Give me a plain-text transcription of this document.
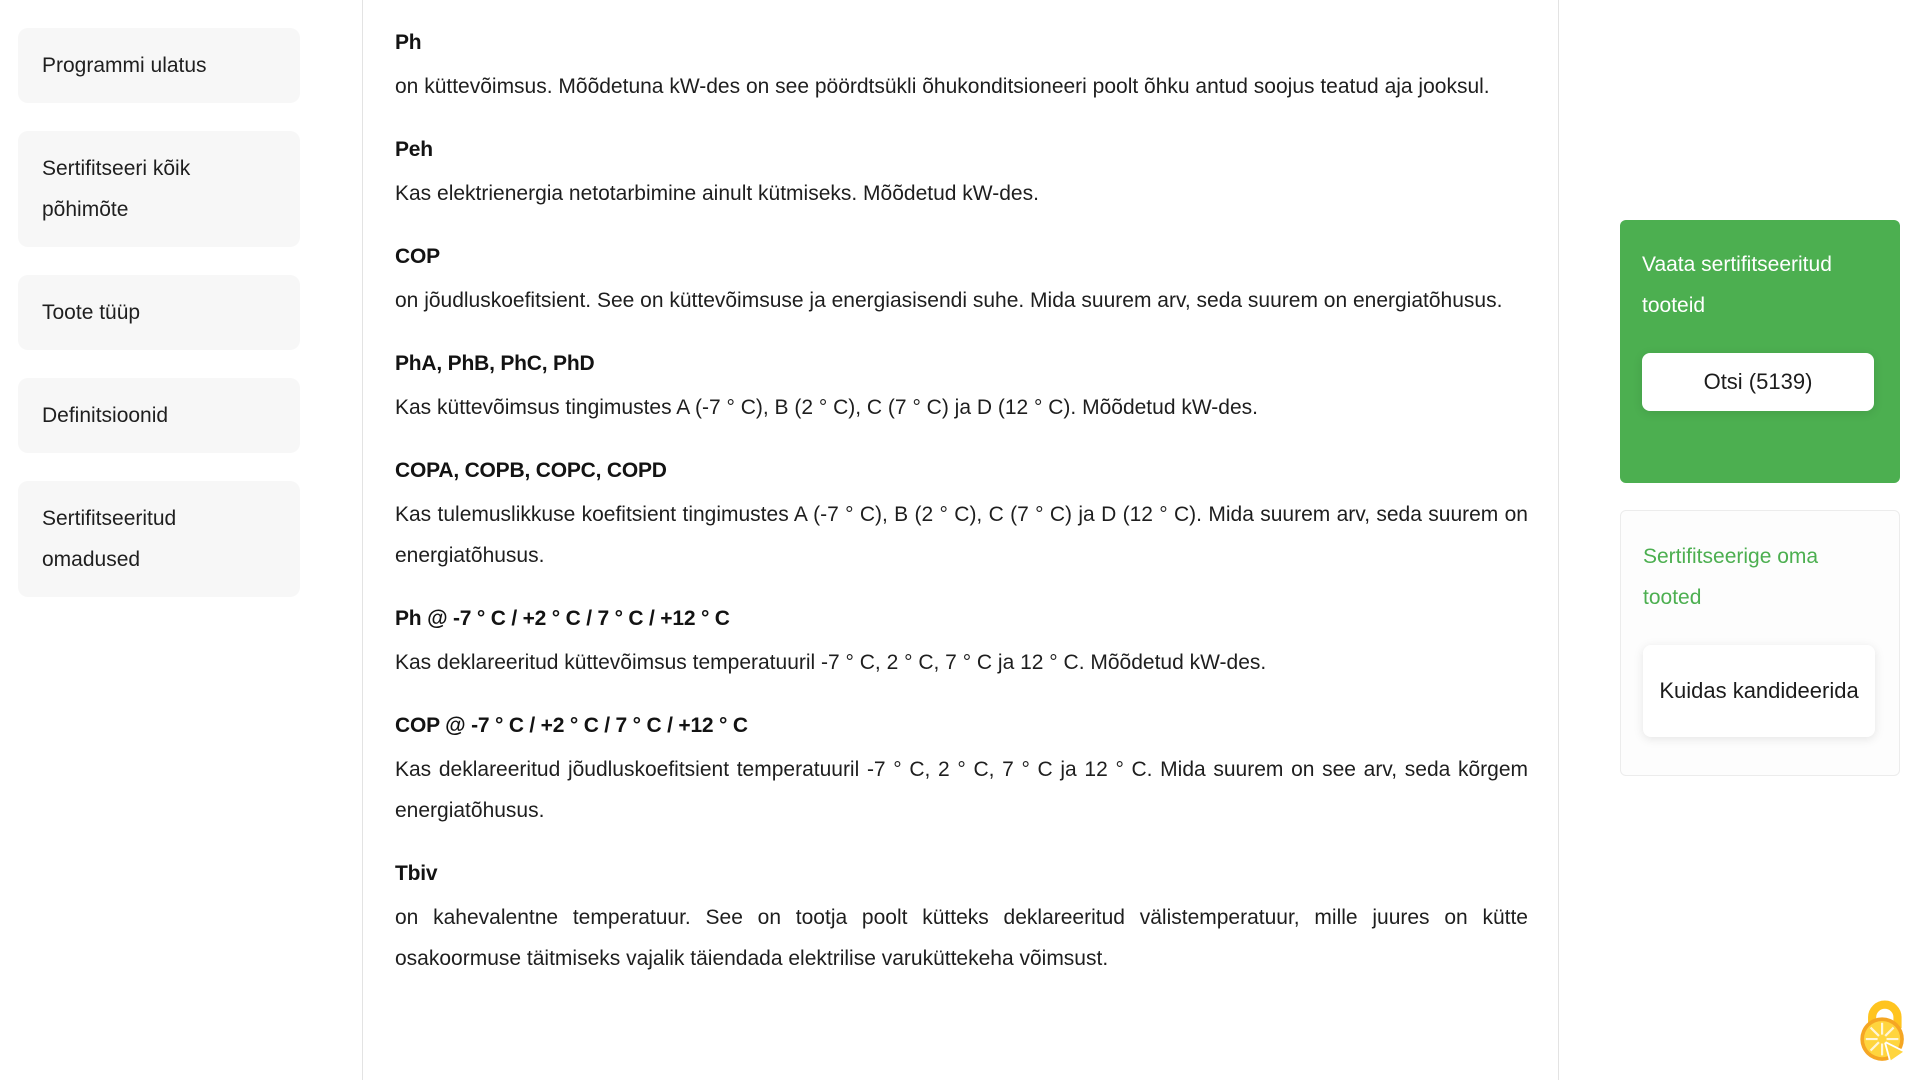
Programmi ulatus
Sertifitseeri kõik põhimõte
Toote tüüp
Definitsioonid
Sertifitseeritud omadused
Ph

on küttevõimsus. Mõõdetuna kW-des on see pöördtsükli õhukonditsioneeri poolt õhku antud soojus teatud aja jooksul.

Peh

Kas elektrienergia netotarbimine ainult kütmiseks. Mõõdetud kW-des.

COP

on jõudluskoefitsient. See on küttevõimsuse ja energiasisendi suhe. Mida suurem arv, seda suurem on energiatõhusus.

PhA, PhB, PhC, PhD

Kas küttevõimsus tingimustes A (-7 ° C), B (2 ° C), C (7 ° C) ja D (12 ° C). Mõõdetud kW-des.

COPA, COPB, COPC, COPD

Kas tulemuslikkuse koefitsient tingimustes A (-7 ° C), B (2 ° C), C (7 ° C) ja D (12 ° C). Mida suurem arv, seda suurem on energiatõhusus.

Ph @ -7 ° C / +2 ° C / 7 ° C / +12 ° C

Kas deklareeritud küttevõimsus temperatuuril -7 ° C, 2 ° C, 7 ° C ja 12 ° C. Mõõdetud kW-des.

COP @ -7 ° C / +2 ° C / 7 ° C / +12 ° C

Kas deklareeritud jõudluskoefitsient temperatuuril -7 ° C, 2 ° C, 7 ° C ja 12 ° C. Mida suurem on see arv, seda kõrgem energiatõhusus.

Tbiv

on kahevalentne temperatuur. See on tootja poolt kütteks deklareeritud välistemperatuur, mille juures on kütte osakoormuse täitmiseks vajalik täiendada elektrilise varuküttekeha võimsust.

Vaata sertifitseeritud tooteid
Otsi (5139)
Sertifitseerige oma tooted
Kuidas kandideerida
